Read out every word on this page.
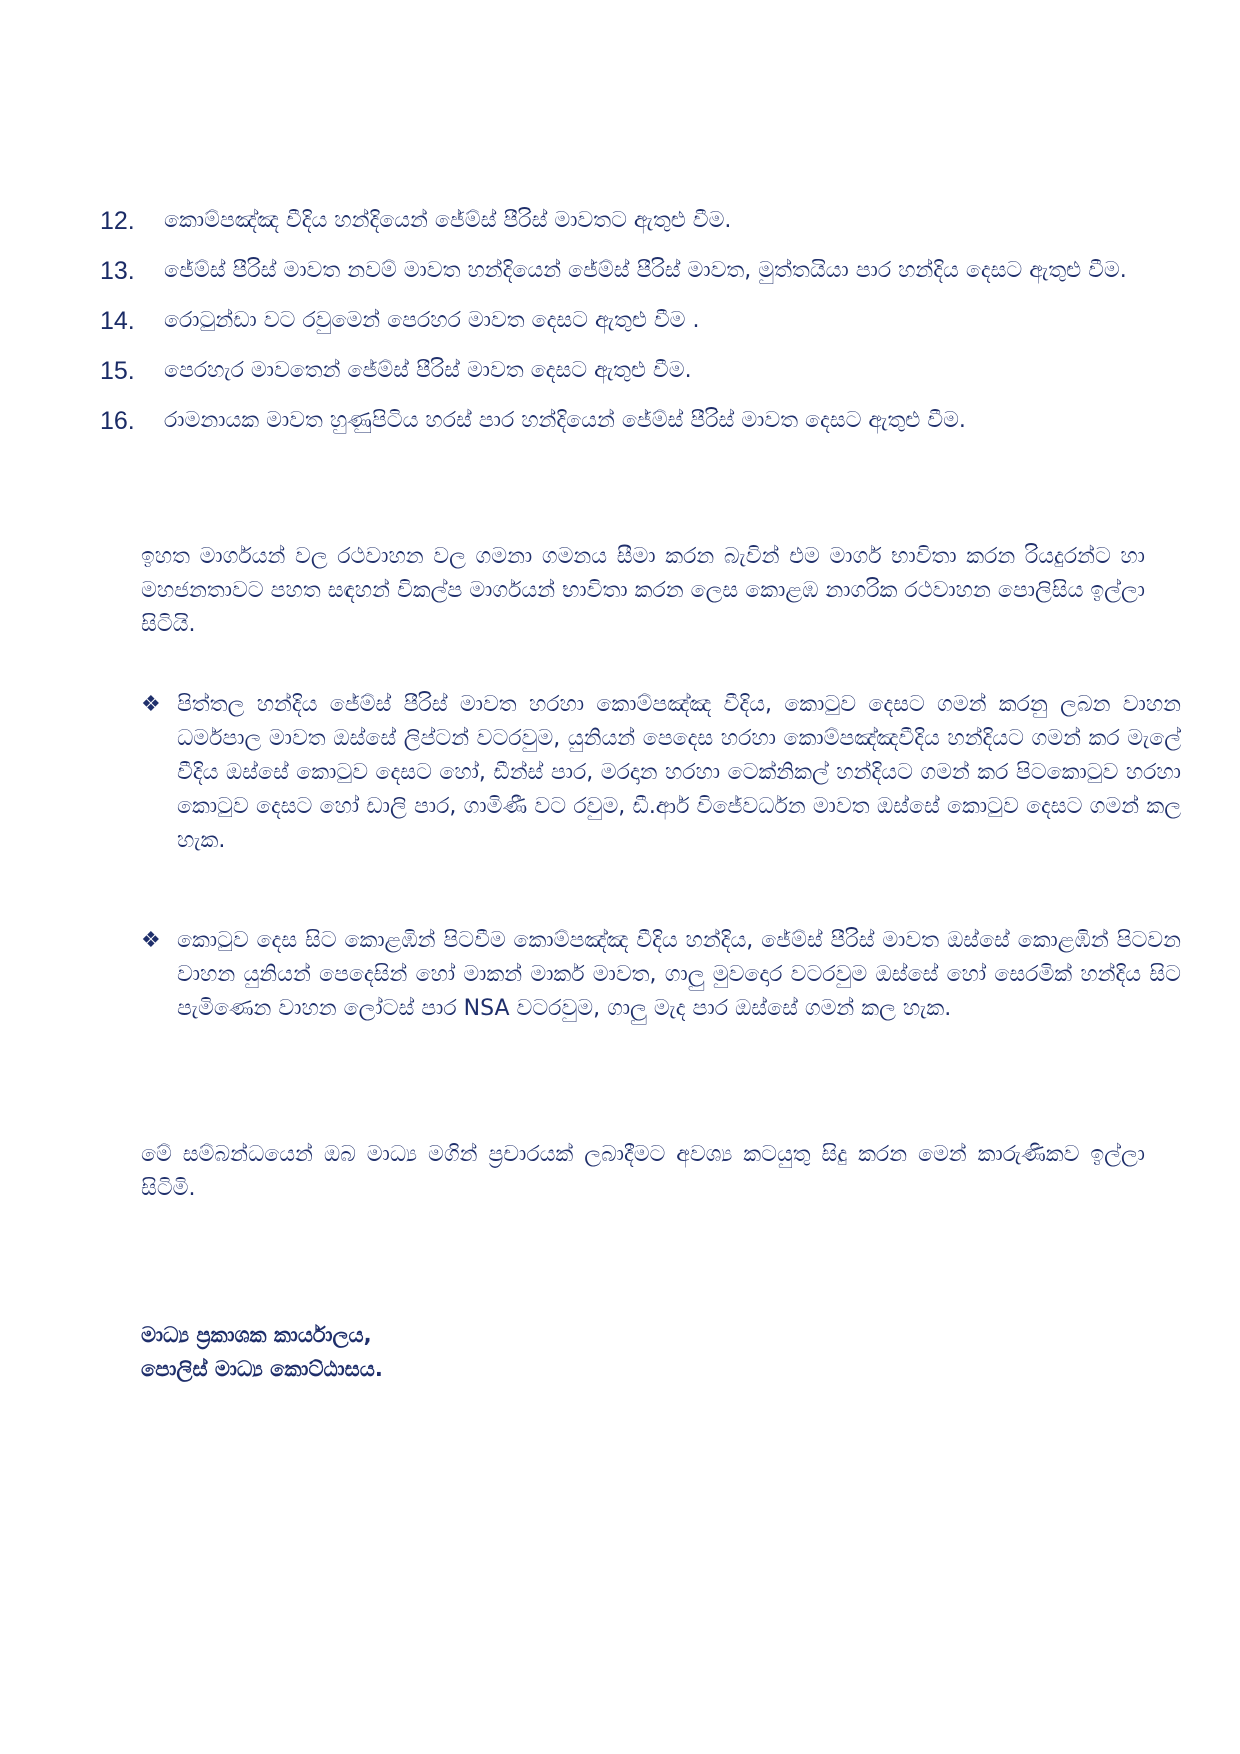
12. කොම්පඤ්ඤ වීදිය හන්දියෙන් ජේම්ස් පීරිස් මාවතට ඇතුළු වීම.
13. ජේම්ස් පීරිස් මාවත නවම් මාවත හන්දියෙන් ජේම්ස් පීරිස් මාවත, මුත්තයියා පාර හන්දිය දෙසට ඇතුළු වීම.
14. රොටුන්ඩා වට රවුමෙන් පෙරහර මාවත දෙසට ඇතුළු වීම .
15. පෙරහැර මාවතෙන් ජේම්ස් පීරිස් මාවත දෙසට ඇතුළු වීම.
16. රාමනායක මාවත හුණුපිටිය හරස් පාර හන්දියෙන් ජේම්ස් පීරිස් මාවත දෙසට ඇතුළු වීම.

ඉහත මාර්ගයන් වල රථවාහන වල ගමනා ගමනය සීමා කරන බැවින් එම මාර්ග භාවිතා කරන රියදුරන්ට හා මහජනතාවට පහත සඳහන් විකල්ප මාර්ගයන් භාවිතා කරන ලෙස කොළඹ නාගරික රථවාහන පොලිසිය ඉල්ලා සිටියි.

❖ පිත්තල හන්දිය ජේම්ස් පීරිස් මාවත හරහා කොම්පඤ්ඤ වීදිය, කොටුව දෙසට ගමන් කරනු ලබන වාහන ධර්මපාල මාවත ඔස්සේ ලිප්ටන් වටරවුම, යුනියන් පෙදෙස හරහා කොම්පඤ්ඤවීදිය හන්දියට ගමන් කර මැලේ වීදිය ඔස්සේ කොටුව දෙසට හෝ, ඩීන්ස් පාර, මරදාන හරහා ටෙක්නිකල් හන්දියට ගමන් කර පිටකොටුව හරහා කොටුව දෙසට හෝ ඩාලි පාර, ගාමිණී වට රවුම, ඩී.ආර් විජේවර්ධන මාවත ඔස්සේ කොටුව දෙසට ගමන් කල හැක.
❖ කොටුව දෙස සිට කොළඹින් පිටවීම කොම්පඤ්ඤ වීදිය හන්දිය, ජේම්ස් පීරිස් මාවත ඔස්සේ කොළඹින් පිටවන වාහන යුනියන් පෙදෙසින් හෝ මාකන් මාකර් මාවත, ගාලු මුවදොර වටරවුම ඔස්සේ හෝ සෙරමික් හන්දිය සිට පැමිණෙන වාහන ලෝටස් පාර NSA වටරවුම, ගාලු මැද පාර ඔස්සේ ගමන් කල හැක.

මේ සම්බන්ධයෙන් ඔබ මාධ්‍ය මගින් ප්‍රචාරයක් ලබාදීමට අවශ්‍ය කටයුතු සිදු කරන මෙන් කාරුණිකව ඉල්ලා සිටිමි.

මාධ්‍ය ප්‍රකාශක කාර්යාලය,
පොලිස් මාධ්‍ය කොට්ඨාසය.
